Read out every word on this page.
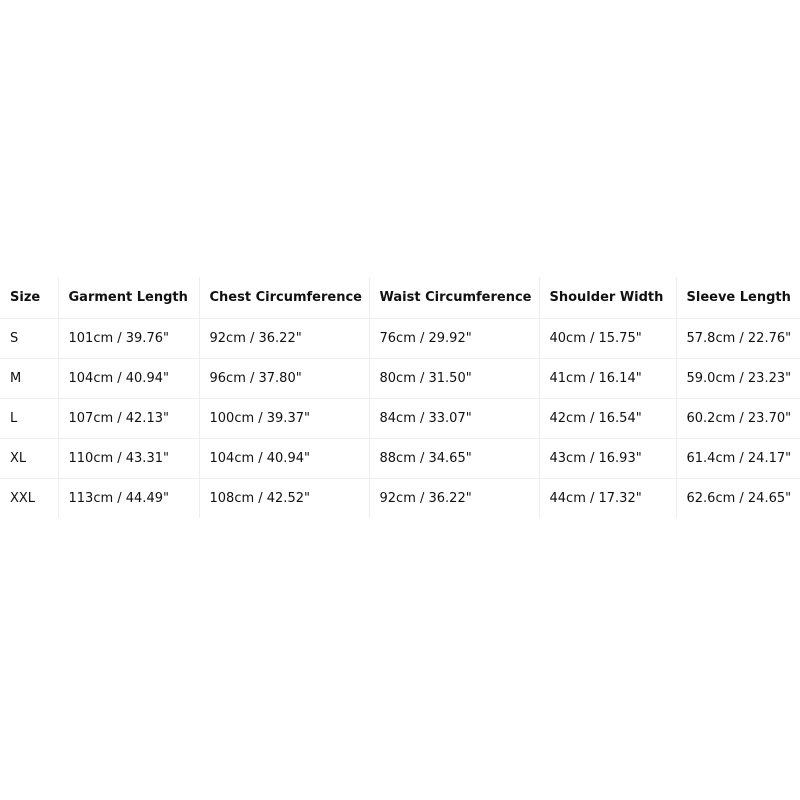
Size	Garment Length	Chest Circumference	Waist Circumference	Shoulder Width	Sleeve Length
S	101cm / 39.76"	92cm / 36.22"	76cm / 29.92"	40cm / 15.75"	57.8cm / 22.76"
M	104cm / 40.94"	96cm / 37.80"	80cm / 31.50"	41cm / 16.14"	59.0cm / 23.23"
L	107cm / 42.13"	100cm / 39.37"	84cm / 33.07"	42cm / 16.54"	60.2cm / 23.70"
XL	110cm / 43.31"	104cm / 40.94"	88cm / 34.65"	43cm / 16.93"	61.4cm / 24.17"
XXL	113cm / 44.49"	108cm / 42.52"	92cm / 36.22"	44cm / 17.32"	62.6cm / 24.65"
